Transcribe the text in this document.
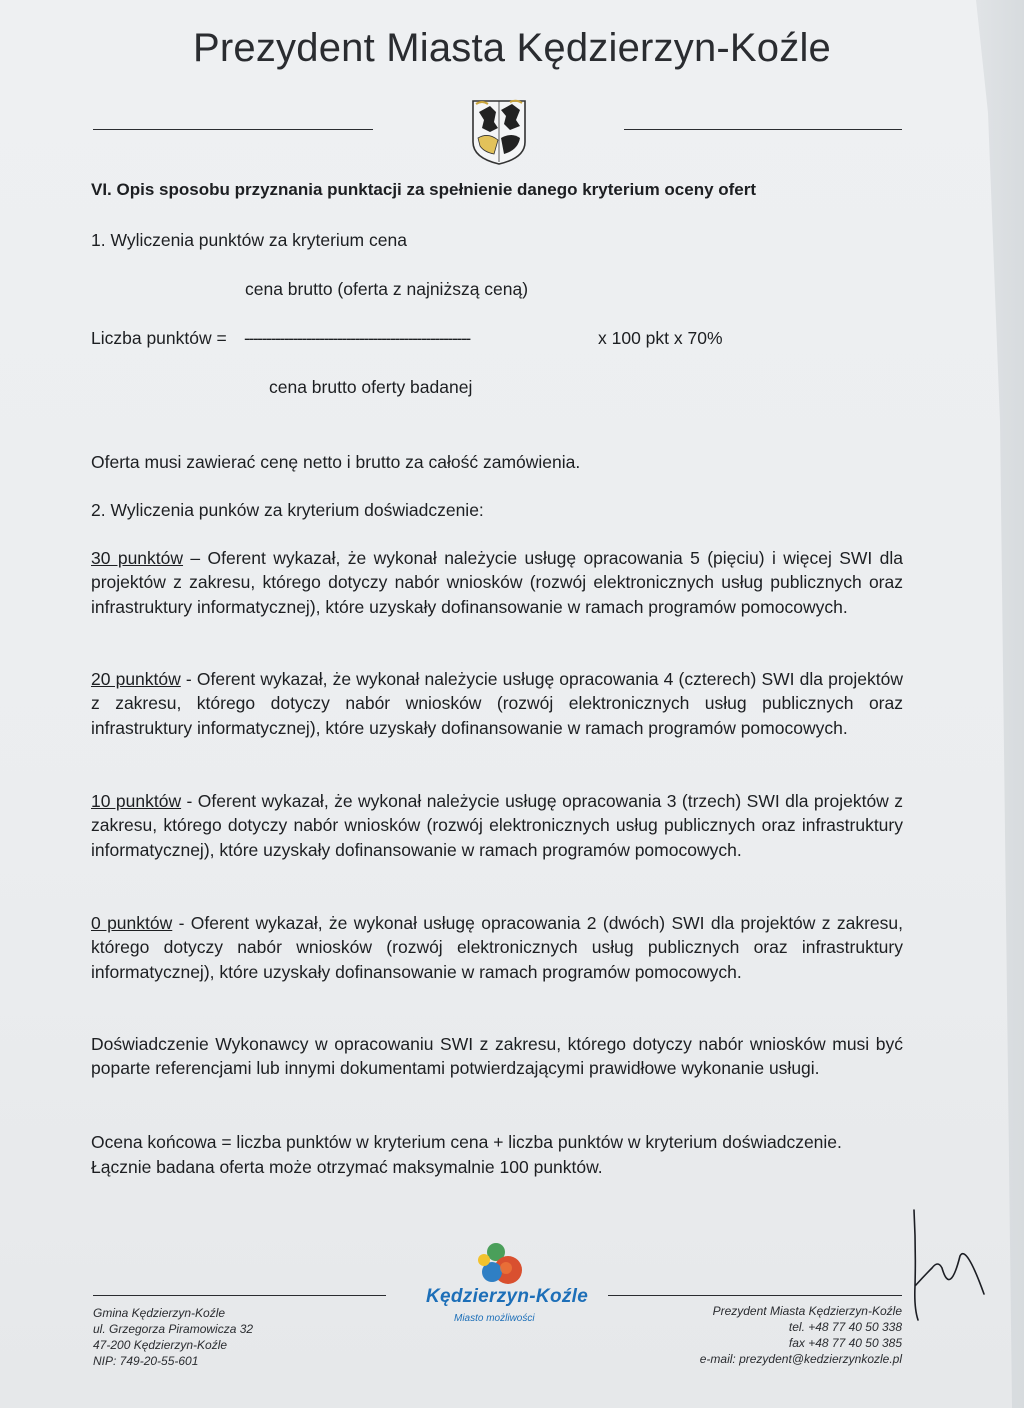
Prezydent Miasta Kędzierzyn-Koźle
VI. Opis sposobu przyznania punktacji za spełnienie danego kryterium oceny ofert
1. Wyliczenia punktów za kryterium cena
cena brutto (oferta z najniższą ceną)
Liczba punktów = ---------------------------------------------------	x 100 pkt x 70%
cena brutto oferty badanej
Oferta musi zawierać cenę netto i brutto za całość zamówienia.
2. Wyliczenia punków za kryterium doświadczenie:
30 punktów – Oferent wykazał, że wykonał należycie usługę opracowania 5 (pięciu) i więcej SWI dla projektów z zakresu, którego dotyczy nabór wniosków (rozwój elektronicznych usług publicznych oraz infrastruktury informatycznej), które uzyskały dofinansowanie w ramach programów pomocowych.
20 punktów - Oferent wykazał, że wykonał należycie usługę opracowania 4 (czterech) SWI dla projektów z zakresu, którego dotyczy nabór wniosków (rozwój elektronicznych usług publicznych oraz infrastruktury informatycznej), które uzyskały dofinansowanie w ramach programów pomocowych.
10 punktów - Oferent wykazał, że wykonał należycie usługę opracowania 3 (trzech) SWI dla projektów z zakresu, którego dotyczy nabór wniosków (rozwój elektronicznych usług publicznych oraz infrastruktury informatycznej), które uzyskały dofinansowanie w ramach programów pomocowych.
0 punktów - Oferent wykazał, że wykonał usługę opracowania 2 (dwóch) SWI dla projektów z zakresu, którego dotyczy nabór wniosków (rozwój elektronicznych usług publicznych oraz infrastruktury informatycznej), które uzyskały dofinansowanie w ramach programów pomocowych.
Doświadczenie Wykonawcy w opracowaniu SWI z zakresu, którego dotyczy nabór wniosków musi być poparte referencjami lub innymi dokumentami potwierdzającymi prawidłowe wykonanie usługi.
Ocena końcowa = liczba punktów w kryterium cena + liczba punktów w kryterium doświadczenie.
Łącznie badana oferta może otrzymać maksymalnie 100 punktów.
Gmina Kędzierzyn-Koźle
ul. Grzegorza Piramowicza 32
47-200 Kędzierzyn-Koźle
NIP: 749-20-55-601
Kędzierzyn-Koźle
Miasto możliwości
Prezydent Miasta Kędzierzyn-Koźle
tel. +48 77 40 50 338
fax +48 77 40 50 385
e-mail: prezydent@kedzierzynkozle.pl
